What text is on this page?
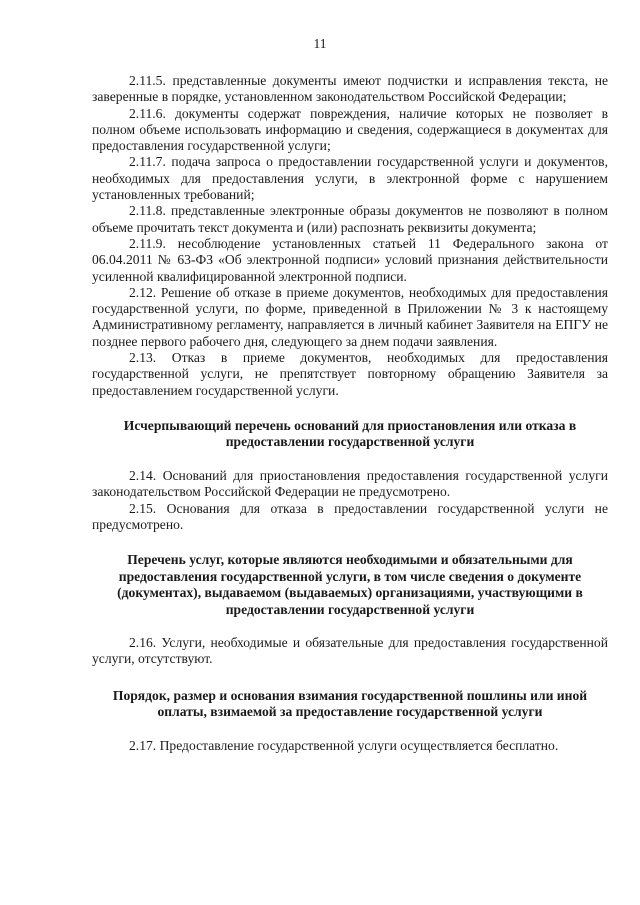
11

2.11.5. представленные документы имеют подчистки и исправления текста, не заверенные в порядке, установленном законодательством Российской Федерации;

2.11.6. документы содержат повреждения, наличие которых не позволяет в полном объеме использовать информацию и сведения, содержащиеся в документах для предоставления государственной услуги;

2.11.7. подача запроса о предоставлении государственной услуги и документов, необходимых для предоставления услуги, в электронной форме с нарушением установленных требований;

2.11.8. представленные электронные образы документов не позволяют в полном объеме прочитать текст документа и (или) распознать реквизиты документа;

2.11.9. несоблюдение установленных статьей 11 Федерального закона от 06.04.2011 № 63-ФЗ «Об электронной подписи» условий признания действительности усиленной квалифицированной электронной подписи.

2.12. Решение об отказе в приеме документов, необходимых для предоставления государственной услуги, по форме, приведенной в Приложении № 3 к настоящему Административному регламенту, направляется в личный кабинет Заявителя на ЕПГУ не позднее первого рабочего дня, следующего за днем подачи заявления.

2.13. Отказ в приеме документов, необходимых для предоставления государственной услуги, не препятствует повторному обращению Заявителя за предоставлением государственной услуги.

Исчерпывающий перечень оснований для приостановления или отказа в предоставлении государственной услуги

2.14. Оснований для приостановления предоставления государственной услуги законодательством Российской Федерации не предусмотрено.

2.15. Основания для отказа в предоставлении государственной услуги не предусмотрено.

Перечень услуг, которые являются необходимыми и обязательными для предоставления государственной услуги, в том числе сведения о документе (документах), выдаваемом (выдаваемых) организациями, участвующими в предоставлении государственной услуги

2.16. Услуги, необходимые и обязательные для предоставления государственной услуги, отсутствуют.

Порядок, размер и основания взимания государственной пошлины или иной оплаты, взимаемой за предоставление государственной услуги

2.17. Предоставление государственной услуги осуществляется бесплатно.
